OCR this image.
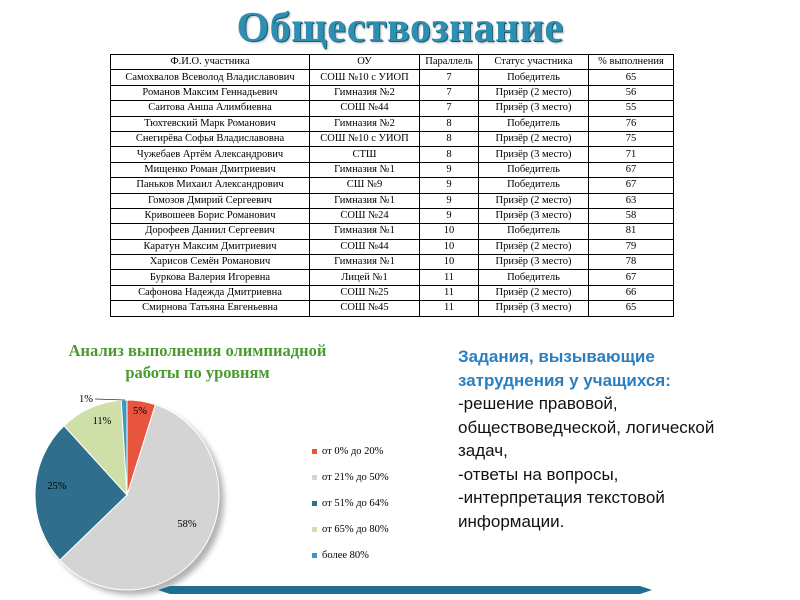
Обществознание
Ф.И.О. участника	ОУ	Параллель	Статус участника	% выполнения
Самохвалов Всеволод Владиславович	СОШ №10 с УИОП	7	Победитель	65
Романов Максим Геннадьевич	Гимназия №2	7	Призёр (2 место)	56
Саитова Анша Алимбиевна	СОШ №44	7	Призёр (3 место)	55
Тюхтевский Марк Романович	Гимназия №2	8	Победитель	76
Снегирёва Софья Владиславовна	СОШ №10 с УИОП	8	Призёр (2 место)	75
Чужебаев Артём Александрович	СТШ	8	Призёр (3 место)	71
Мищенко Роман Дмитриевич	Гимназия №1	9	Победитель	67
Паньков Михаил Александрович	СШ №9	9	Победитель	67
Гомозов Дмирий Сергеевич	Гимназия №1	9	Призёр (2 место)	63
Кривошеев Борис Романович	СОШ №24	9	Призёр (3 место)	58
Дорофеев Даниил Сергеевич	Гимназия №1	10	Победитель	81
Каратун Максим Дмитриевич	СОШ №44	10	Призёр (2 место)	79
Харисов Семён Романович	Гимназия №1	10	Призёр (3 место)	78
Буркова Валерия Игоревна	Лицей №1	11	Победитель	67
Сафонова Надежда Дмитриевна	СОШ №25	11	Призёр (2 место)	66
Смирнова Татьяна Евгеньевна	СОШ №45	11	Призёр (3 место)	65
Анализ выполнения олимпиадной
работы по уровням
5%
58%
25%
11%
1%
от 0% до 20%
от 21% до 50%
от 51% до 64%
от 65% до 80%
более 80%
Задания, вызывающие
затруднения у учащихся:
-решение правовой,
обществоведческой, логической
задач,
-ответы на вопросы,
-интерпретация текстовой
информации.
